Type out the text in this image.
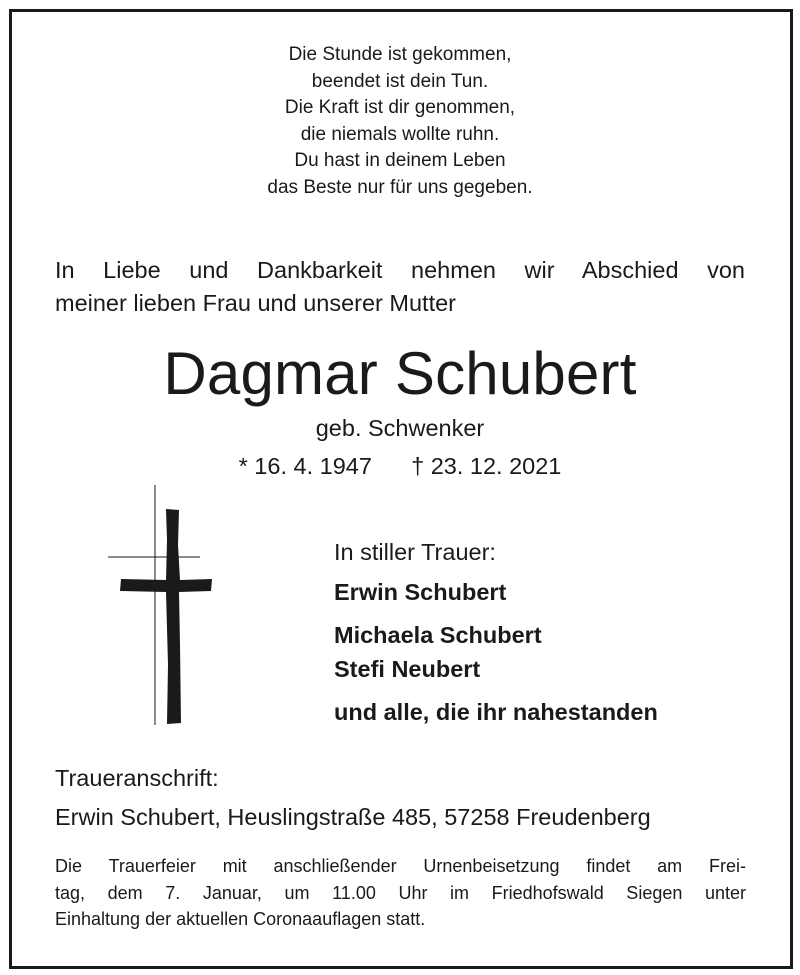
Die Stunde ist gekommen,
beendet ist dein Tun.
Die Kraft ist dir genommen,
die niemals wollte ruhn.
Du hast in deinem Leben
das Beste nur für uns gegeben.
In Liebe und Dankbarkeit nehmen wir Abschied von
meiner lieben Frau und unserer Mutter
Dagmar Schubert
geb. Schwenker
* 16. 4. 1947 † 23. 12. 2021
In stiller Trauer:
Erwin Schubert
Michaela Schubert
Stefi Neubert
und alle, die ihr nahestanden
Traueranschrift:
Erwin Schubert, Heuslingstraße 485, 57258 Freudenberg
Die Trauerfeier mit anschließender Urnenbeisetzung findet am Frei-
tag, dem 7. Januar, um 11.00 Uhr im Friedhofswald Siegen unter
Einhaltung der aktuellen Coronaauflagen statt.
